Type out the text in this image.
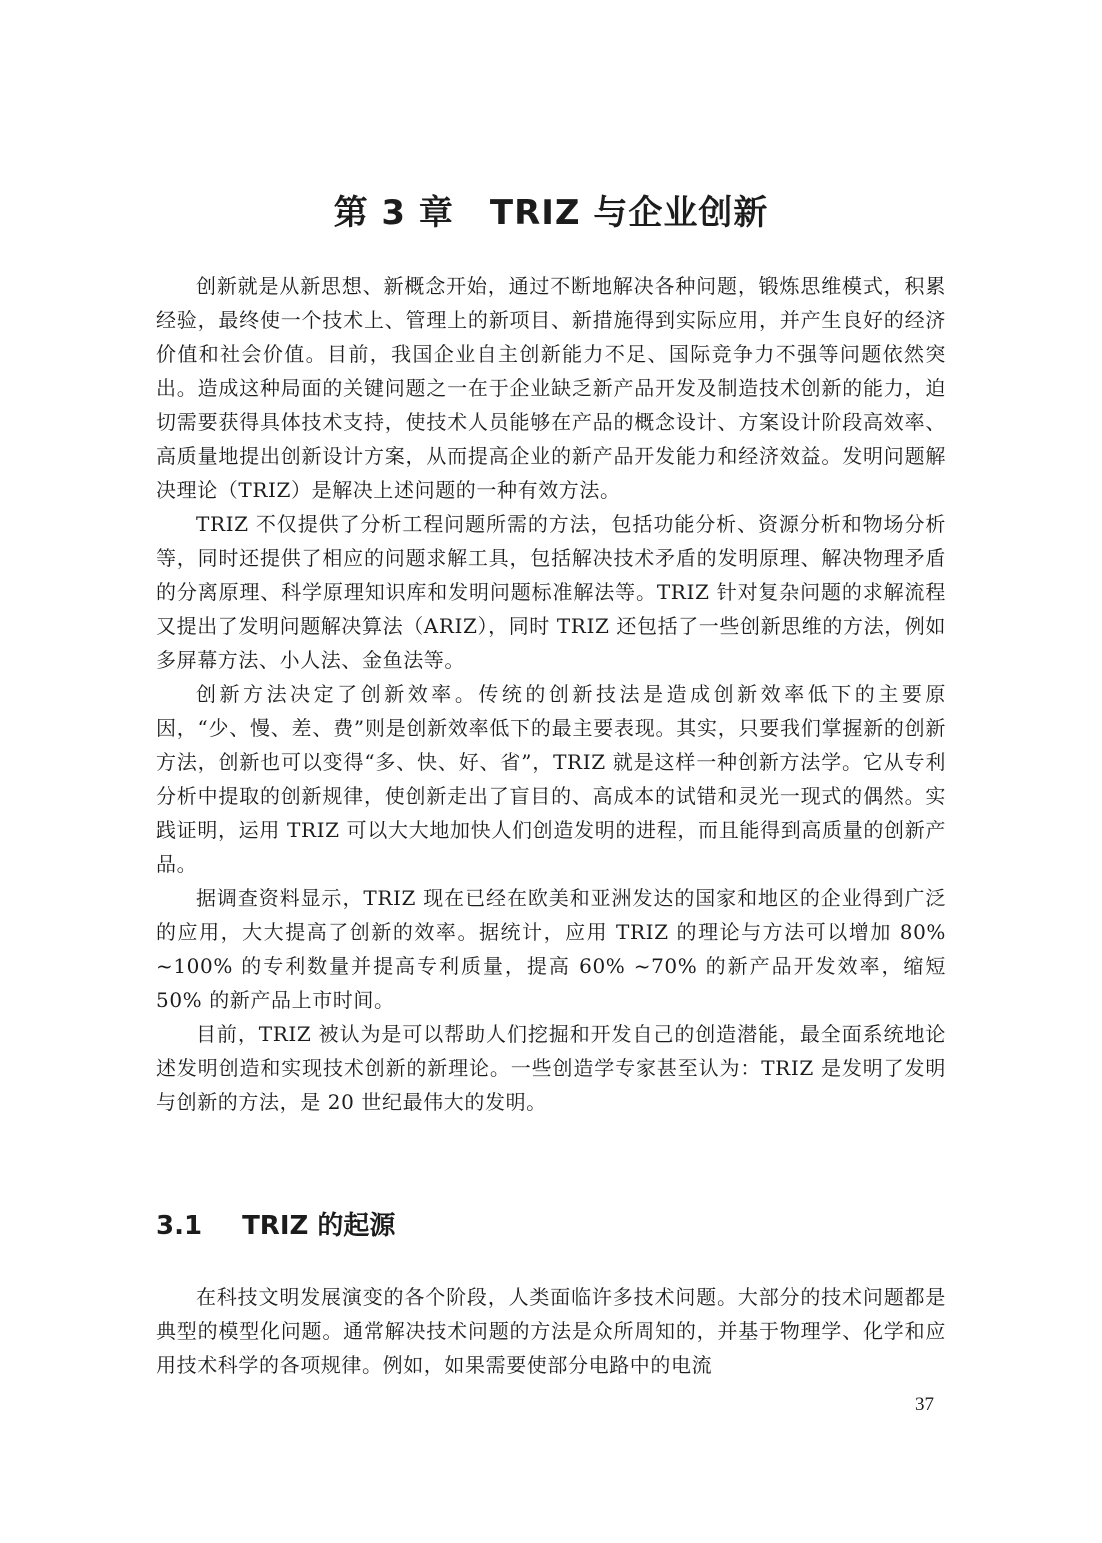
第 3 章 TRIZ 与企业创新

创新就是从新思想、新概念开始，通过不断地解决各种问题，锻炼思维模式，积累经验，最终使一个技术上、管理上的新项目、新措施得到实际应用，并产生良好的经济价值和社会价值。目前，我国企业自主创新能力不足、国际竞争力不强等问题依然突出。造成这种局面的关键问题之一在于企业缺乏新产品开发及制造技术创新的能力，迫切需要获得具体技术支持，使技术人员能够在产品的概念设计、方案设计阶段高效率、高质量地提出创新设计方案，从而提高企业的新产品开发能力和经济效益。发明问题解决理论（TRIZ）是解决上述问题的一种有效方法。

TRIZ 不仅提供了分析工程问题所需的方法，包括功能分析、资源分析和物场分析等，同时还提供了相应的问题求解工具，包括解决技术矛盾的发明原理、解决物理矛盾的分离原理、科学原理知识库和发明问题标准解法等。TRIZ 针对复杂问题的求解流程又提出了发明问题解决算法（ARIZ），同时 TRIZ 还包括了一些创新思维的方法，例如多屏幕方法、小人法、金鱼法等。

创新方法决定了创新效率。传统的创新技法是造成创新效率低下的主要原因，“少、慢、差、费”则是创新效率低下的最主要表现。其实，只要我们掌握新的创新方法，创新也可以变得“多、快、好、省”，TRIZ 就是这样一种创新方法学。它从专利分析中提取的创新规律，使创新走出了盲目的、高成本的试错和灵光一现式的偶然。实践证明，运用 TRIZ 可以大大地加快人们创造发明的进程，而且能得到高质量的创新产品。

据调查资料显示，TRIZ 现在已经在欧美和亚洲发达的国家和地区的企业得到广泛的应用，大大提高了创新的效率。据统计，应用 TRIZ 的理论与方法可以增加 80% ~100% 的专利数量并提高专利质量，提高 60% ~70% 的新产品开发效率，缩短 50% 的新产品上市时间。

目前，TRIZ 被认为是可以帮助人们挖掘和开发自己的创造潜能，最全面系统地论述发明创造和实现技术创新的新理论。一些创造学专家甚至认为：TRIZ 是发明了发明与创新的方法，是 20 世纪最伟大的发明。

3.1 TRIZ 的起源

在科技文明发展演变的各个阶段，人类面临许多技术问题。大部分的技术问题都是典型的模型化问题。通常解决技术问题的方法是众所周知的，并基于物理学、化学和应用技术科学的各项规律。例如，如果需要使部分电路中的电流

37
